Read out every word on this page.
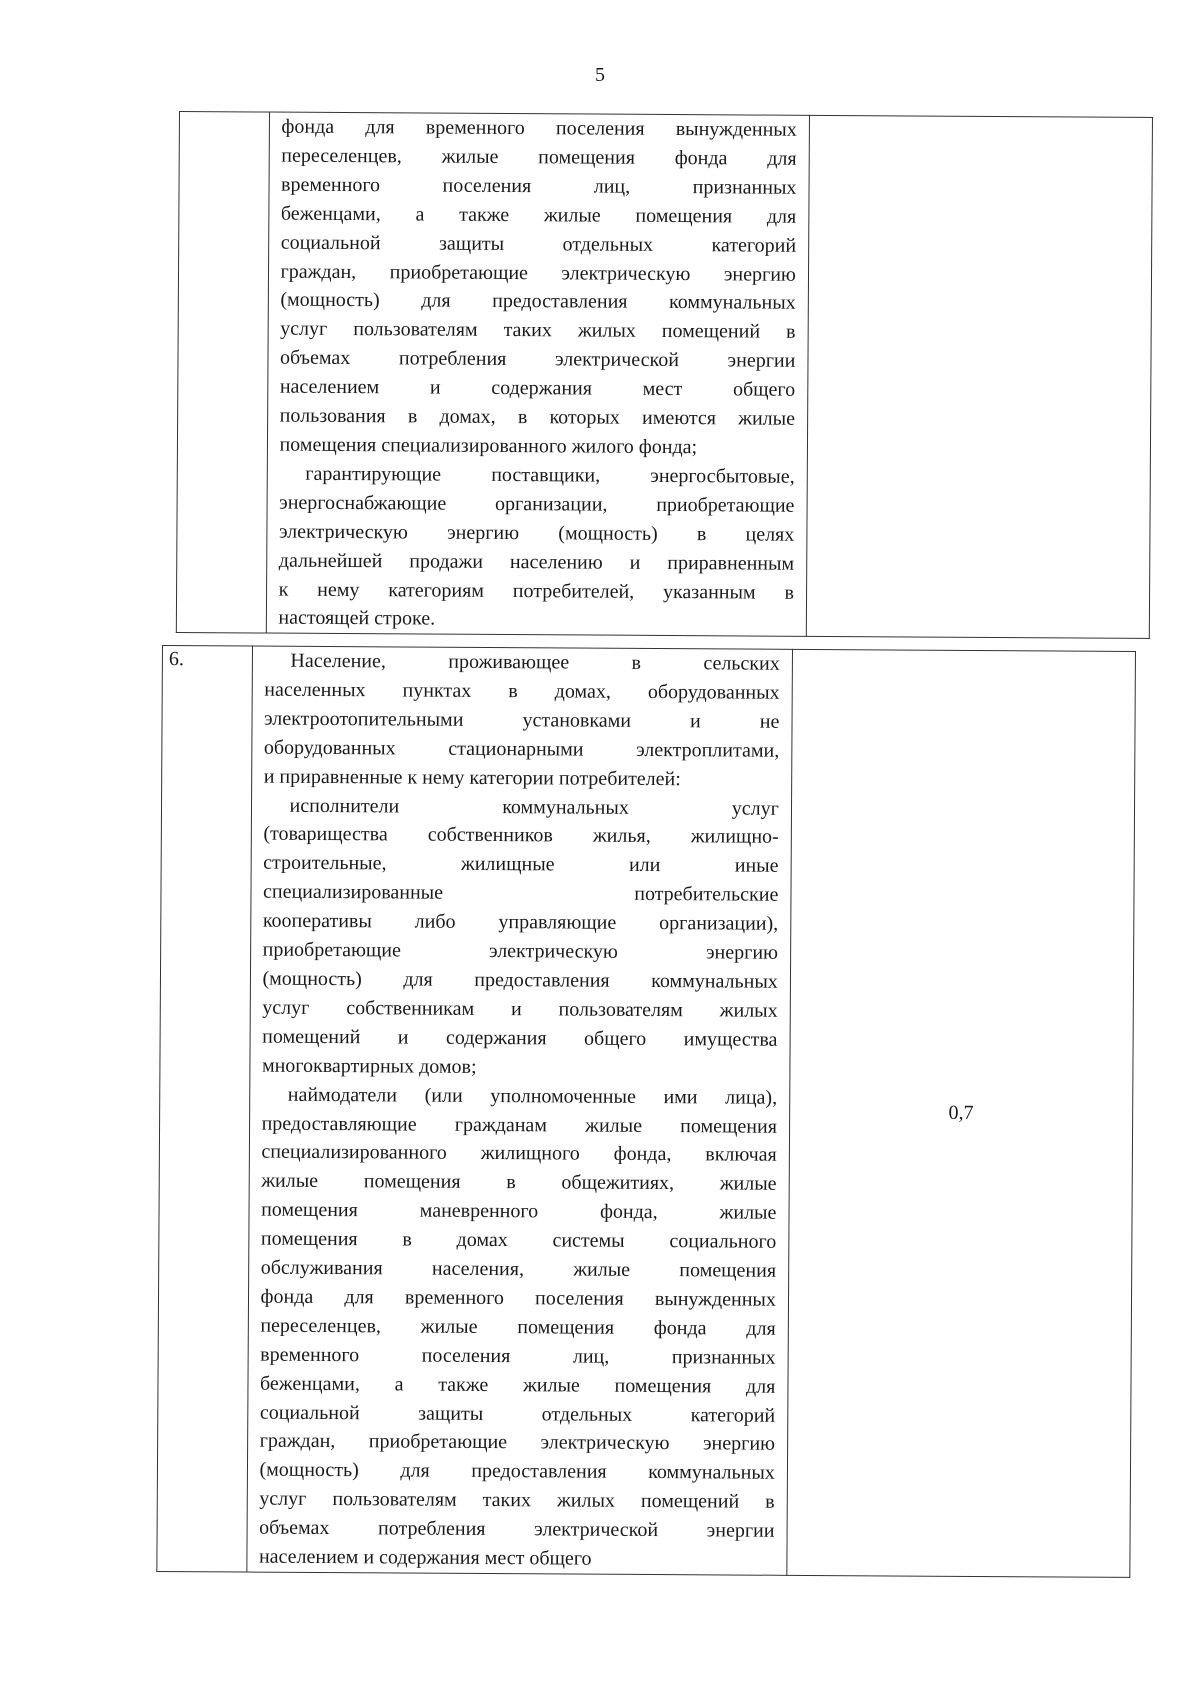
5

фонда для временного поселения вынужденных
переселенцев, жилые помещения фонда для
временного поселения лиц, признанных
беженцами, а также жилые помещения для
социальной защиты отдельных категорий
граждан, приобретающие электрическую энергию
(мощность) для предоставления коммунальных
услуг пользователям таких жилых помещений в
объемах потребления электрической энергии
населением и содержания мест общего
пользования в домах, в которых имеются жилые
помещения специализированного жилого фонда;
гарантирующие поставщики, энергосбытовые,
энергоснабжающие организации, приобретающие
электрическую энергию (мощность) в целях
дальнейшей продажи населению и приравненным
к нему категориям потребителей, указанным в
настоящей строке.

6.	Население, проживающее в сельских
населенных пунктах в домах, оборудованных
электроотопительными установками и не
оборудованных стационарными электроплитами,
и приравненные к нему категории потребителей:
исполнители коммунальных услуг
(товарищества собственников жилья, жилищно-
строительные, жилищные или иные
специализированные потребительские
кооперативы либо управляющие организации),
приобретающие электрическую энергию
(мощность) для предоставления коммунальных
услуг собственникам и пользователям жилых
помещений и содержания общего имущества
многоквартирных домов;
наймодатели (или уполномоченные ими лица),
предоставляющие гражданам жилые помещения
специализированного жилищного фонда, включая
жилые помещения в общежитиях, жилые
помещения маневренного фонда, жилые
помещения в домах системы социального
обслуживания населения, жилые помещения
фонда для временного поселения вынужденных
переселенцев, жилые помещения фонда для
временного поселения лиц, признанных
беженцами, а также жилые помещения для
социальной защиты отдельных категорий
граждан, приобретающие электрическую энергию
(мощность) для предоставления коммунальных
услуг пользователям таких жилых помещений в
объемах потребления электрической энергии
населением и содержания мест общего
	0,7
